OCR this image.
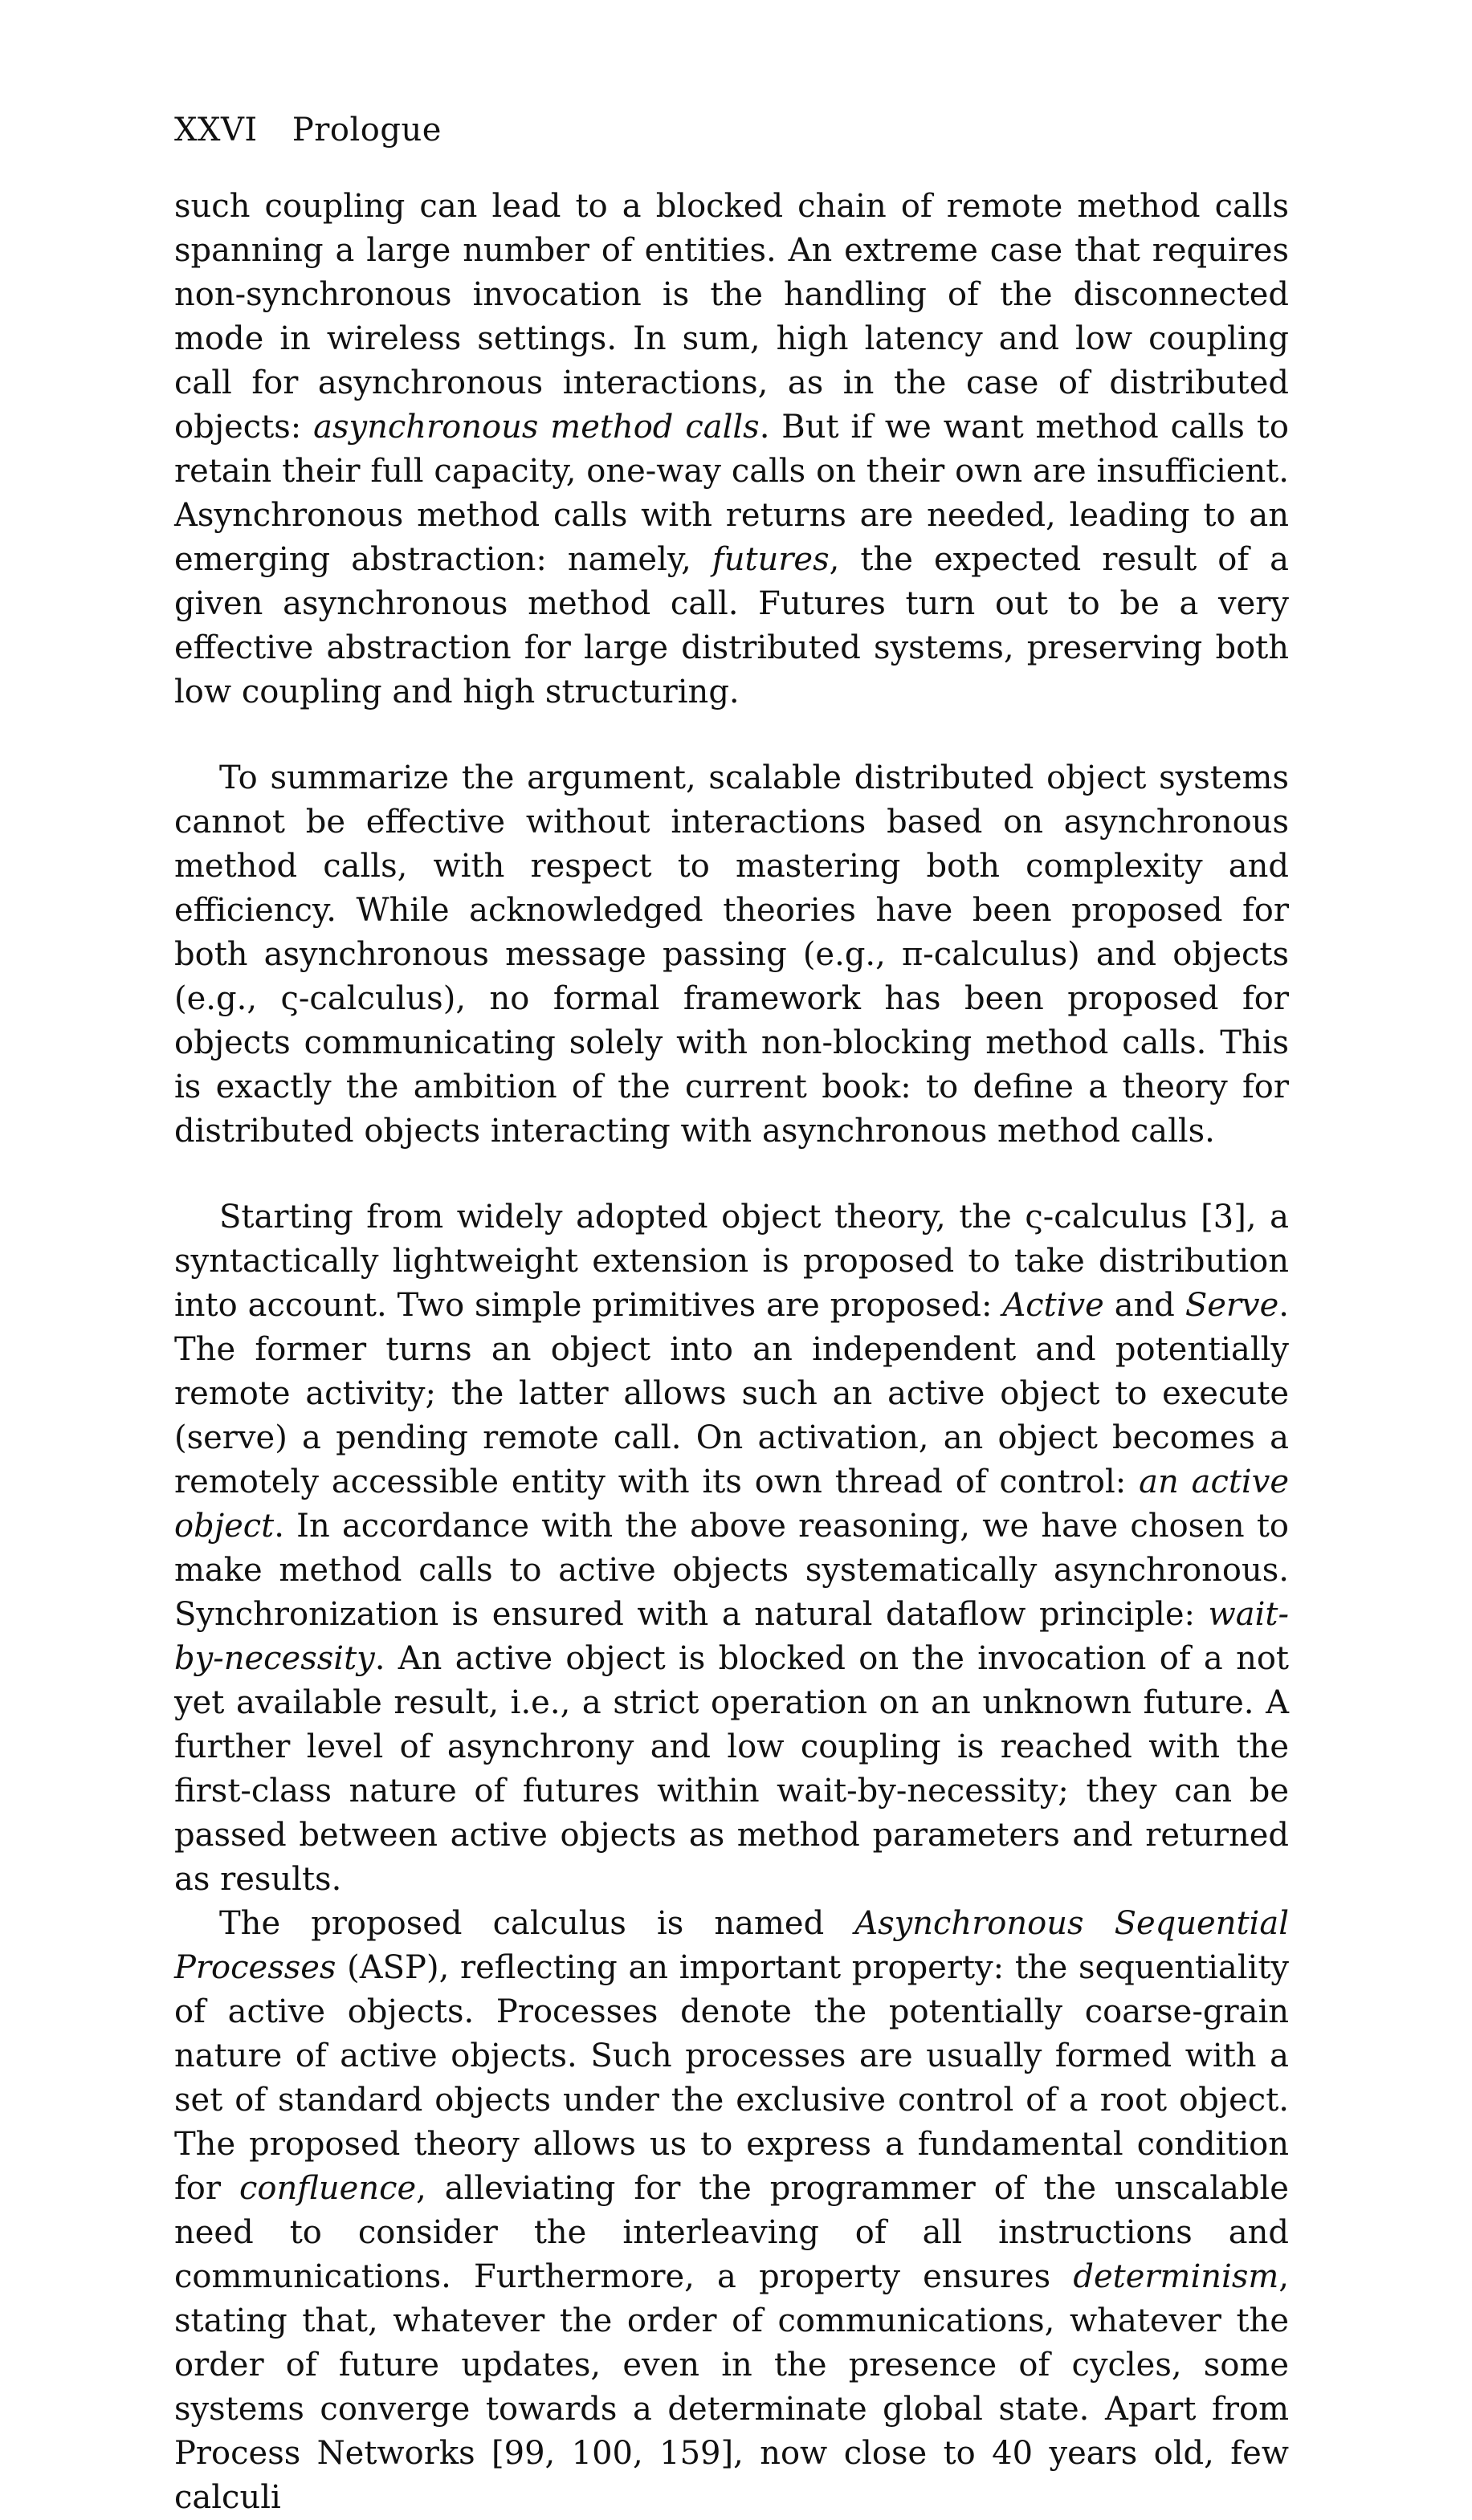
XXVI Prologue

such coupling can lead to a blocked chain of remote method calls spanning a large number of entities. An extreme case that requires non-synchronous invocation is the handling of the disconnected mode in wireless settings. In sum, high latency and low coupling call for asynchronous interactions, as in the case of distributed objects: asynchronous method calls. But if we want method calls to retain their full capacity, one-way calls on their own are insufficient. Asynchronous method calls with returns are needed, leading to an emerging abstraction: namely, futures, the expected result of a given asynchronous method call. Futures turn out to be a very effective abstraction for large distributed systems, preserving both low coupling and high structuring.

To summarize the argument, scalable distributed object systems cannot be effective without interactions based on asynchronous method calls, with respect to mastering both complexity and efficiency. While acknowledged theories have been proposed for both asynchronous message passing (e.g., π-calculus) and objects (e.g., ς-calculus), no formal framework has been proposed for objects communicating solely with non-blocking method calls. This is exactly the ambition of the current book: to define a theory for distributed objects interacting with asynchronous method calls.

Starting from widely adopted object theory, the ς-calculus [3], a syntactically lightweight extension is proposed to take distribution into account. Two simple primitives are proposed: Active and Serve. The former turns an object into an independent and potentially remote activity; the latter allows such an active object to execute (serve) a pending remote call. On activation, an object becomes a remotely accessible entity with its own thread of control: an active object. In accordance with the above reasoning, we have chosen to make method calls to active objects systematically asynchronous. Synchronization is ensured with a natural dataflow principle: wait-by-necessity. An active object is blocked on the invocation of a not yet available result, i.e., a strict operation on an unknown future. A further level of asynchrony and low coupling is reached with the first-class nature of futures within wait-by-necessity; they can be passed between active objects as method parameters and returned as results.

The proposed calculus is named Asynchronous Sequential Processes (ASP), reflecting an important property: the sequentiality of active objects. Processes denote the potentially coarse-grain nature of active objects. Such processes are usually formed with a set of standard objects under the exclusive control of a root object. The proposed theory allows us to express a fundamental condition for confluence, alleviating for the programmer of the unscalable need to consider the interleaving of all instructions and communications. Furthermore, a property ensures determinism, stating that, whatever the order of communications, whatever the order of future updates, even in the presence of cycles, some systems converge towards a determinate global state. Apart from Process Networks [99, 100, 159], now close to 40 years old, few calculi
